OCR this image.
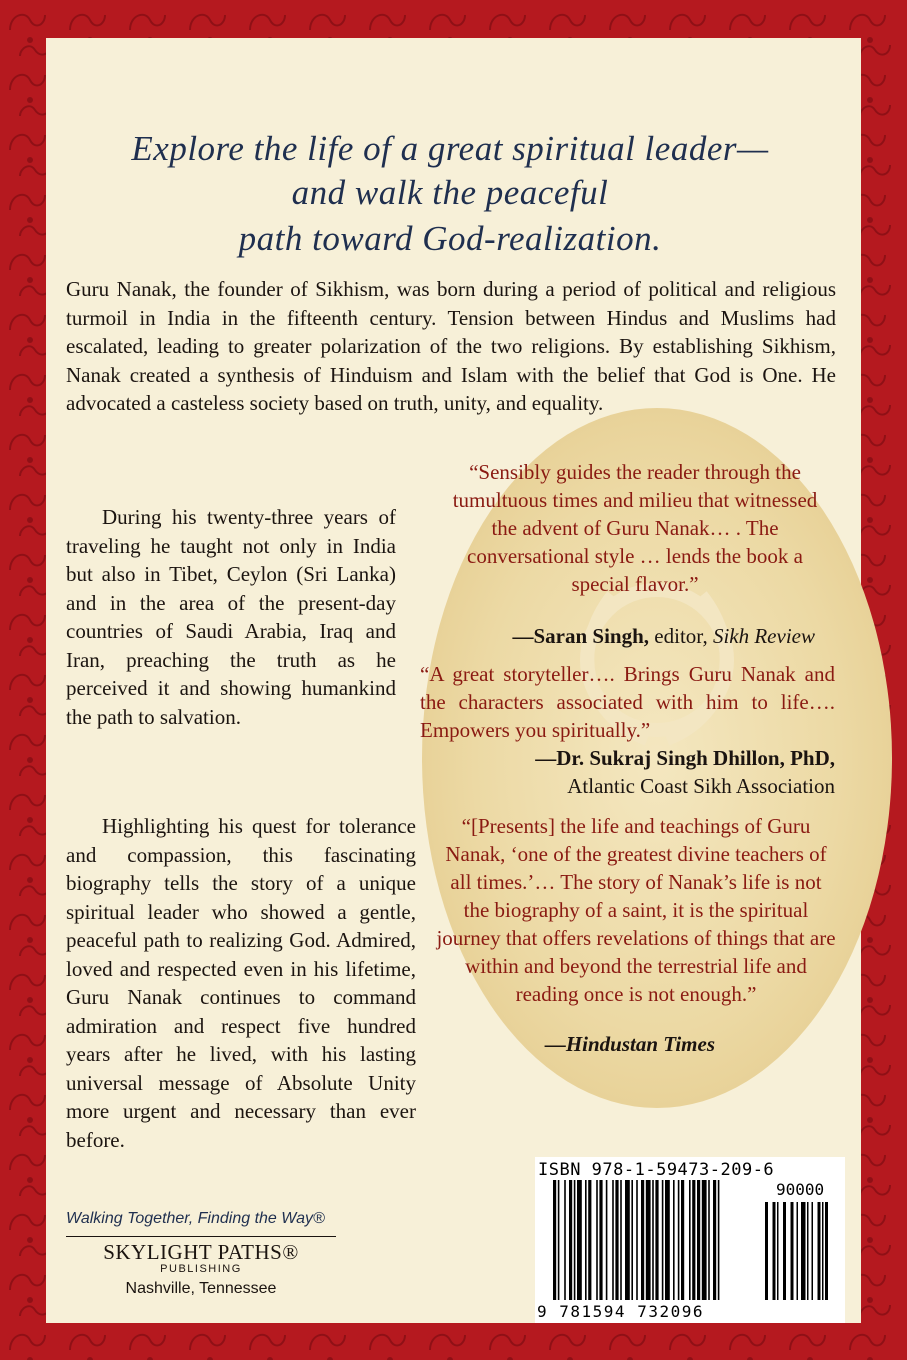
Explore the life of a great spiritual leader—
and walk the peaceful
path toward God-realization.

Guru Nanak, the founder of Sikhism, was born during a period of political and religious turmoil in India in the fifteenth century. Tension between Hindus and Muslims had escalated, leading to greater polarization of the two religions. By establishing Sikhism, Nanak created a synthesis of Hinduism and Islam with the belief that God is One. He advocated a casteless society based on truth, unity, and equality.

During his twenty-three years of traveling he taught not only in India but also in Tibet, Ceylon (Sri Lanka) and in the area of the present-day countries of Saudi Arabia, Iraq and Iran, preaching the truth as he perceived it and showing humankind the path to salvation.
Highlighting his quest for tolerance and compassion, this fascinating biography tells the story of a unique spiritual leader who showed a gentle, peaceful path to realizing God. Admired, loved and respected even in his lifetime, Guru Nanak continues to command admiration and respect five hundred years after he lived, with his lasting universal message of Absolute Unity more urgent and necessary than ever before.
“Sensibly guides the reader through the tumultuous times and milieu that witnessed the advent of Guru Nanak… . The conversational style … lends the book a special flavor.”
—Saran Singh, editor, Sikh Review
“A great storyteller…. Brings Guru Nanak and the characters associated with him to life…. Empowers you spiritually.”
—Dr. Sukraj Singh Dhillon, PhD,
Atlantic Coast Sikh Association
“[Presents] the life and teachings of Guru Nanak, ‘one of the greatest divine teachers of all times.’… The story of Nanak’s life is not the biography of a saint, it is the spiritual journey that offers revelations of things that are within and beyond the terrestrial life and reading once is not enough.”
—Hindustan Times
ISBN 978-1-59473-209-6
90000
9 781594 732096
Walking Together, Finding the Way®
SKYLIGHT PATHS®
PUBLISHING
Nashville, Tennessee
